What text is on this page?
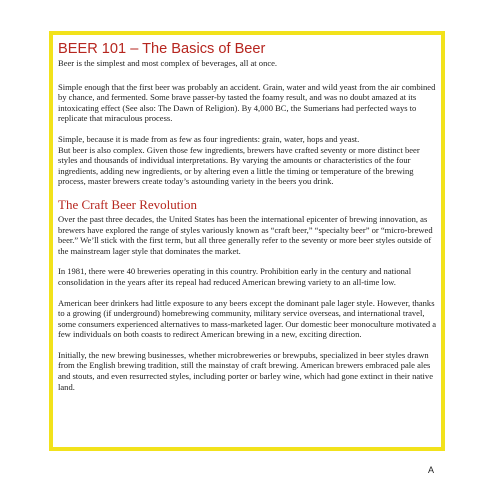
BEER 101 – The Basics of Beer

Beer is the simplest and most complex of beverages, all at once.

Simple enough that the first beer was probably an accident. Grain, water and wild yeast from the air combined by chance, and fermented. Some brave passer-by tasted the foamy result, and was no doubt amazed at its intoxicating effect (See also: The Dawn of Religion). By 4,000 BC, the Sumerians had perfected ways to replicate that miraculous process.

Simple, because it is made from as few as four ingredients: grain, water, hops and yeast.

But beer is also complex. Given those few ingredients, brewers have crafted seventy or more distinct beer styles and thousands of individual interpretations. By varying the amounts or characteristics of the four ingredients, adding new ingredients, or by altering even a little the timing or temperature of the brewing process, master brewers create today’s astounding variety in the beers you drink.

The Craft Beer Revolution

Over the past three decades, the United States has been the international epicenter of brewing innovation, as brewers have explored the range of styles variously known as “craft beer,” “specialty beer” or “micro-brewed beer.” We’ll stick with the first term, but all three generally refer to the seventy or more beer styles outside of the mainstream lager style that dominates the market.

In 1981, there were 40 breweries operating in this country. Prohibition early in the century and national consolidation in the years after its repeal had reduced American brewing variety to an all-time low.

American beer drinkers had little exposure to any beers except the dominant pale lager style. However, thanks to a growing (if underground) homebrewing community, military service overseas, and international travel, some consumers experienced alternatives to mass-marketed lager. Our domestic beer monoculture motivated a few individuals on both coasts to redirect American brewing in a new, exciting direction.

Initially, the new brewing businesses, whether microbreweries or brewpubs, specialized in beer styles drawn from the English brewing tradition, still the mainstay of craft brewing. American brewers embraced pale ales and stouts, and even resurrected styles, including porter or barley wine, which had gone extinct in their native land.

A
